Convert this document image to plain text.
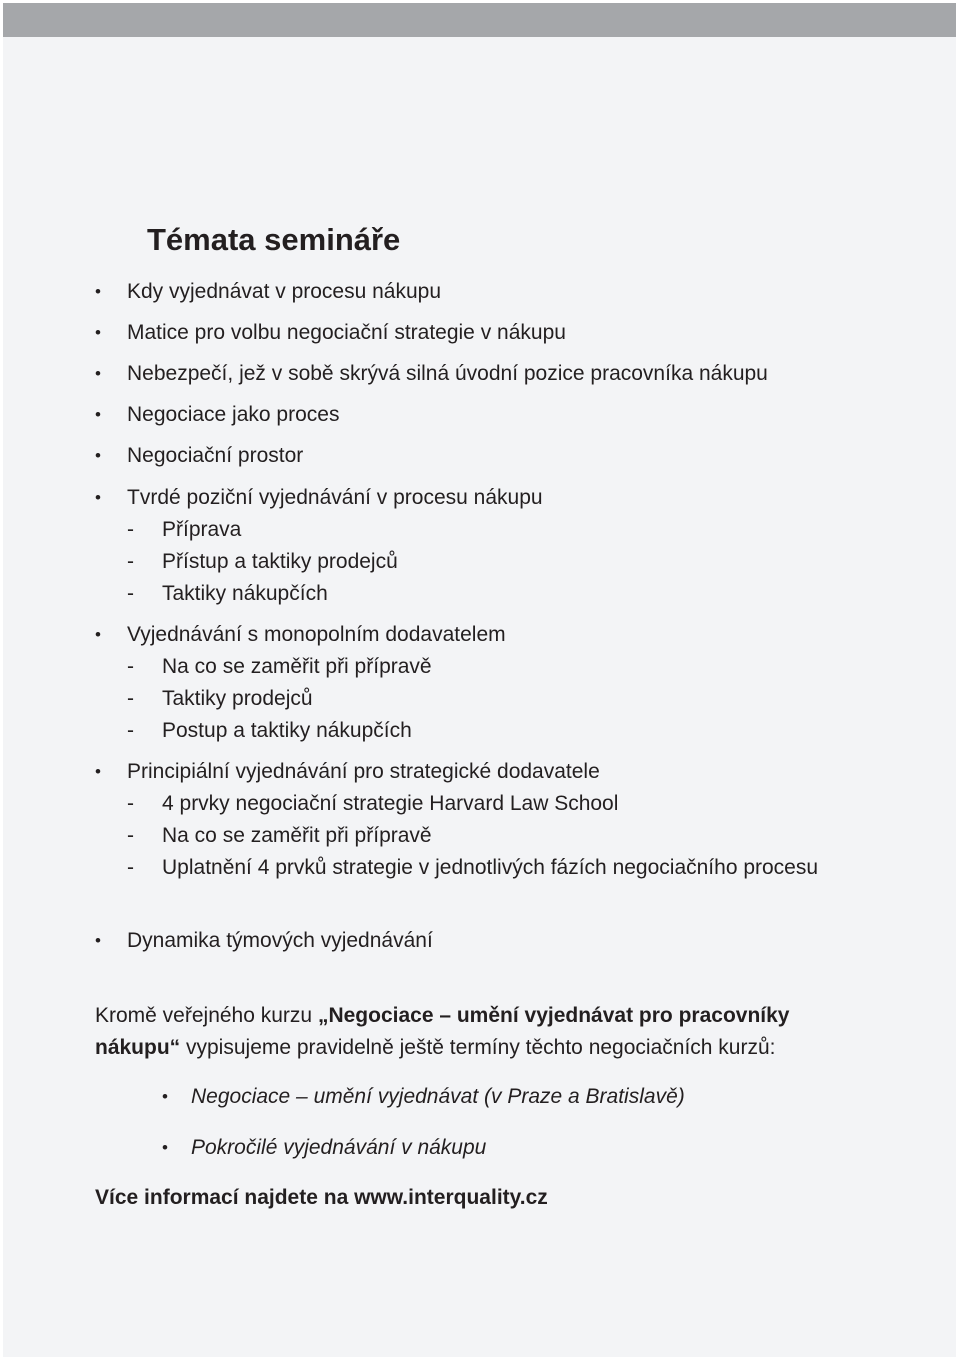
Témata semináře
• Kdy vyjednávat v procesu nákupu
• Matice pro volbu negociační strategie v nákupu
• Nebezpečí, jež v sobě skrývá silná úvodní pozice pracovníka nákupu
• Negociace jako proces
• Negociační prostor
• Tvrdé poziční vyjednávání v procesu nákupu
- Příprava
- Přístup a taktiky prodejců
- Taktiky nákupčích
• Vyjednávání s monopolním dodavatelem
- Na co se zaměřit při přípravě
- Taktiky prodejců
- Postup a taktiky nákupčích
• Principiální vyjednávání pro strategické dodavatele
- 4 prvky negociační strategie Harvard Law School
- Na co se zaměřit při přípravě
- Uplatnění 4 prvků strategie v jednotlivých fázích negociačního procesu
• Dynamika týmových vyjednávání

Kromě veřejného kurzu „Negociace – umění vyjednávat pro pracovníky nákupu“ vypisujeme pravidelně ještě termíny těchto negociačních kurzů:

• Negociace – umění vyjednávat (v Praze a Bratislavě)
• Pokročilé vyjednávání v nákupu

Více informací najdete na www.interquality.cz
